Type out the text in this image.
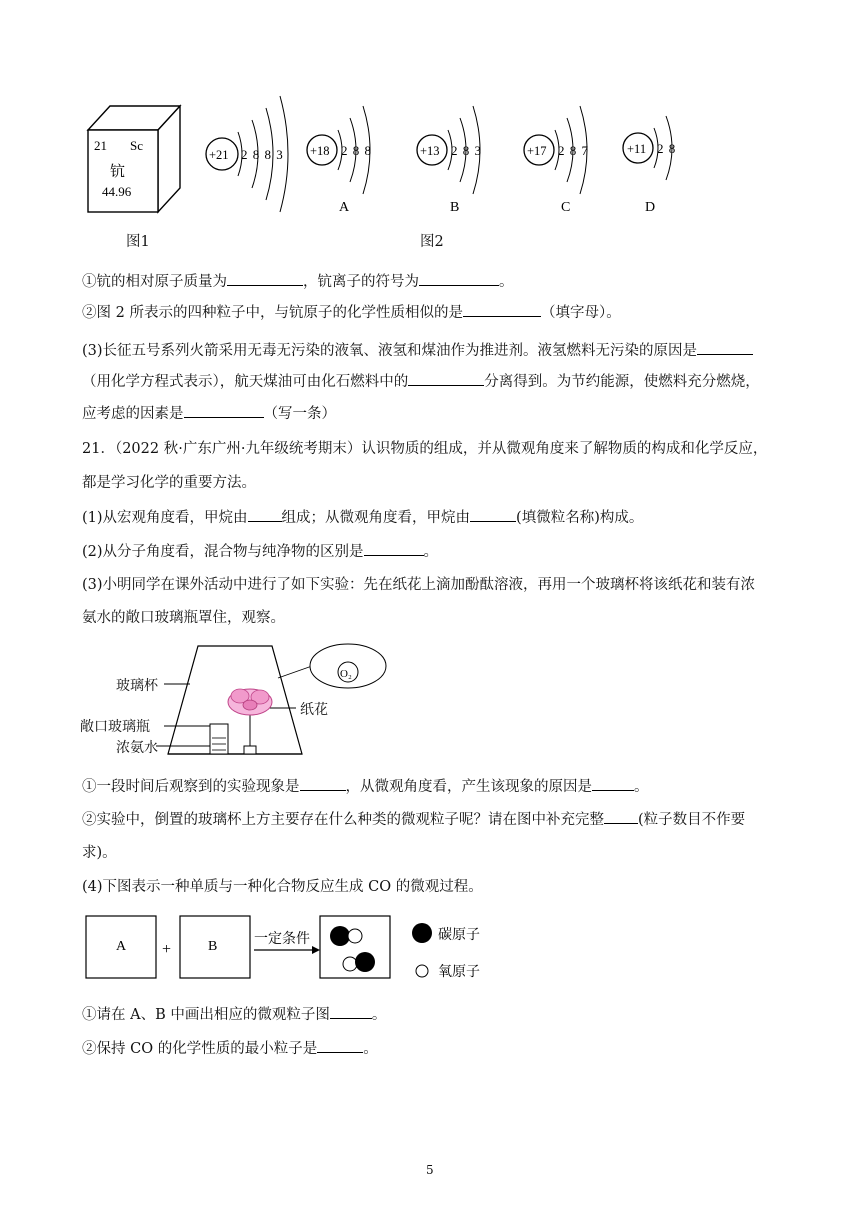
21 Sc
钪
44.96
+21 2 8 8 3 +18 2 8 8
A
+13 2 8 3
B
+17 2 8 7
C
+11 2 8
D
图1	图2
①钪的相对原子质量为	，钪离子的符号为	。
②图 2 所表示的四种粒子中，与钪原子的化学性质相似的是	（填字母）。
(3)长征五号系列火箭采用无毒无污染的液氧、液氢和煤油作为推进剂。液氢燃料无污染的原因是
（用化学方程式表示），航天煤油可由化石燃料中的	分离得到。为节约能源，使燃料充分燃烧，
应考虑的因素是	（写一条）
21．（2022 秋·广东广州·九年级统考期末）认识物质的组成，并从微观角度来了解物质的构成和化学反应，
都是学习化学的重要方法。
(1)从宏观角度看，甲烷由 组成；从微观角度看，甲烷由	(填微粒名称)构成。
(2)从分子角度看，混合物与纯净物的区别是	。
(3)小明同学在课外活动中进行了如下实验：先在纸花上滴加酚酞溶液，再用一个玻璃杯将该纸花和装有浓
氨水的敞口玻璃瓶罩住，观察。
O₂
玻璃杯
敞口玻璃瓶
浓氨水
纸花
①一段时间后观察到的实验现象是	，从微观角度看，产生该现象的原因是	。
②实验中，倒置的玻璃杯上方主要存在什么种类的微观粒子呢？请在图中补充完整 (粒子数目不作要
求)。
(4)下图表示一种单质与一种化合物反应生成 CO 的微观过程。
A +	B	一定条件	碳原子
氧原子
①请在 A、B 中画出相应的微观粒子图	。
②保持 CO 的化学性质的最小粒子是	。
5
